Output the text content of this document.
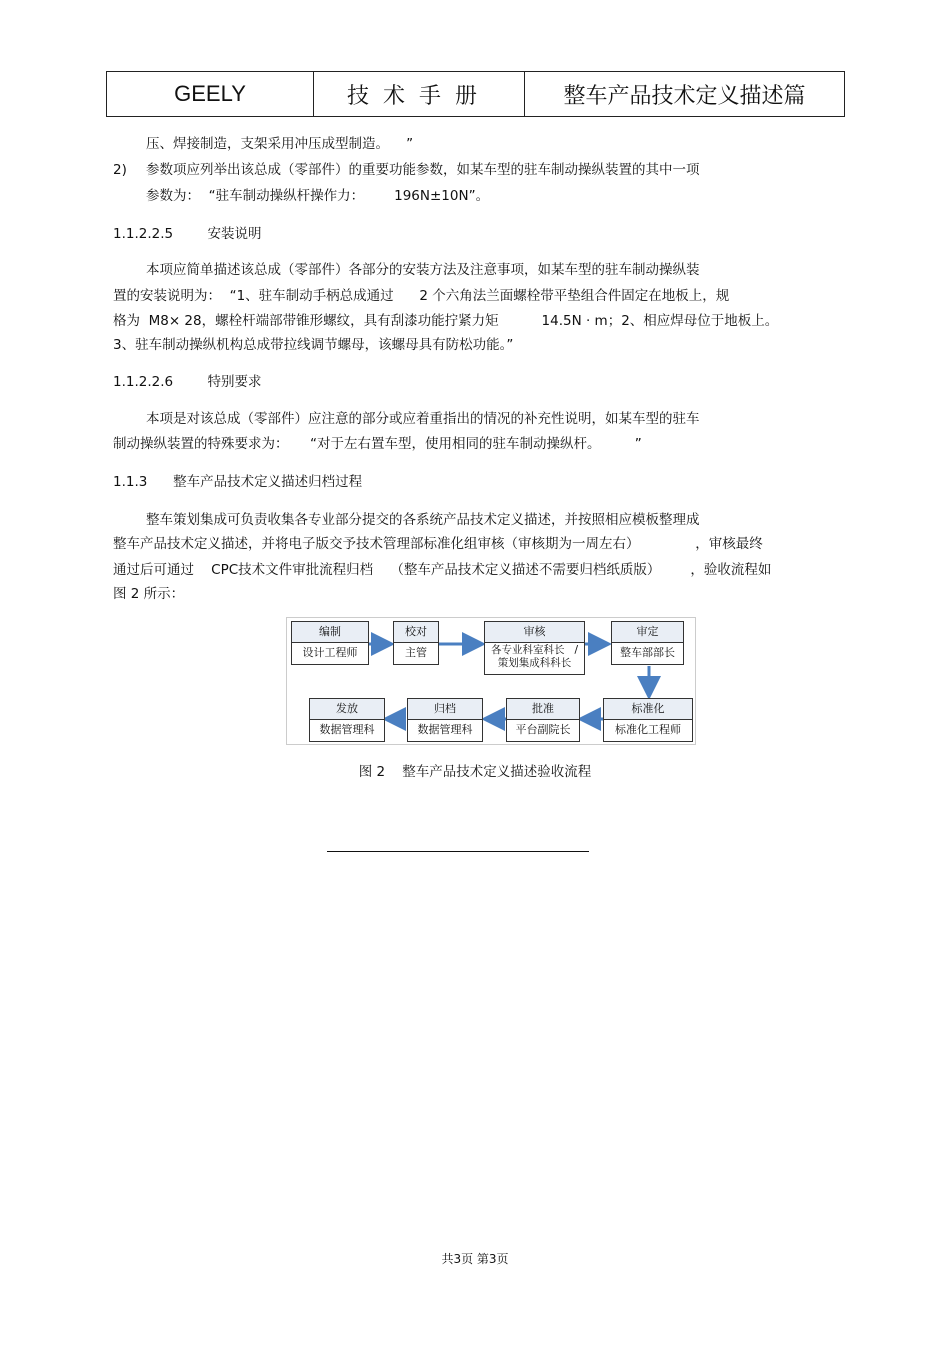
GEELY	技术手册	整车产品技术定义描述篇
压、焊接制造，支架采用冲压成型制造。    ”
2) 参数项应列举出该总成（零部件）的重要功能参数，如某车型的驻车制动操纵装置的其中一项
参数为：  “驻车制动操纵杆操作力：       196N±10N”。
1.1.2.2.5        安装说明
本项应简单描述该总成（零部件）各部分的安装方法及注意事项，如某车型的驻车制动操纵装
置的安装说明为：  “1、驻车制动手柄总成通过      2 个六角法兰面螺栓带平垫组合件固定在地板上，规
格为  M8× 28，螺栓杆端部带锥形螺纹，具有刮漆功能拧紧力矩          14.5N · m；2、相应焊母位于地板上。
3、驻车制动操纵机构总成带拉线调节螺母，该螺母具有防松功能。”
1.1.2.2.6        特别要求
本项是对该总成（零部件）应注意的部分或应着重指出的情况的补充性说明，如某车型的驻车
制动操纵装置的特殊要求为：     “对于左右置车型，使用相同的驻车制动操纵杆。        ”
1.1.3      整车产品技术定义描述归档过程
整车策划集成可负责收集各专业部分提交的各系统产品技术定义描述，并按照相应模板整理成
整车产品技术定义描述，并将电子版交予技术管理部标准化组审核（审核期为一周左右）             ，审核最终
通过后可通过    CPC技术文件审批流程归档    （整车产品技术定义描述不需要归档纸质版）       ，验收流程如
图 2 所示：
编制
设计工程师
校对
主管
审核
各专业科室科长   /
策划集成科科长
审定
整车部部长
标准化
标准化工程师
批准
平台副院长
归档
数据管理科
发放
数据管理科
图 2    整车产品技术定义描述验收流程
共3页 第3页
